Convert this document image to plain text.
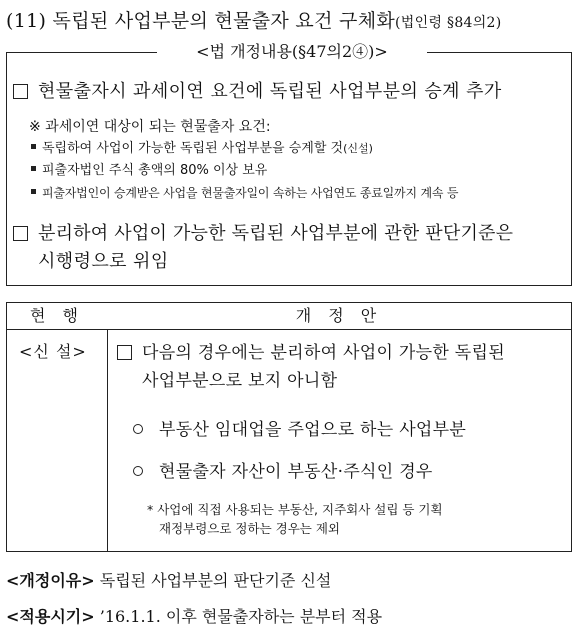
(11) 독립된 사업부분의 현물출자 요건 구체화(법인령 §84의2)
<법 개정내용(§47의2④)>
현물출자시 과세이연 요건에 독립된 사업부분의 승계 추가
※ 과세이연 대상이 되는 현물출자 요건:
독립하여 사업이 가능한 독립된 사업부분을 승계할 것(신설)
피출자법인 주식 총액의 80% 이상 보유
피출자법인이 승계받은 사업을 현물출자일이 속하는 사업연도 종료일까지 계속 등
분리하여 사업이 가능한 독립된 사업부분에 관한 판단기준은
시행령으로 위임
현 행	개 정 안
<신 설>	다음의 경우에는 분리하여 사업이 가능한 독립된
사업부분으로 보지 아니함
부동산 임대업을 주업으로 하는 사업부분
현물출자 자산이 부동산·주식인 경우
* 사업에 직접 사용되는 부동산, 지주회사 설립 등 기획
재정부령으로 정하는 경우는 제외
<개정이유> 독립된 사업부분의 판단기준 신설
<적용시기> ’16.1.1. 이후 현물출자하는 분부터 적용
